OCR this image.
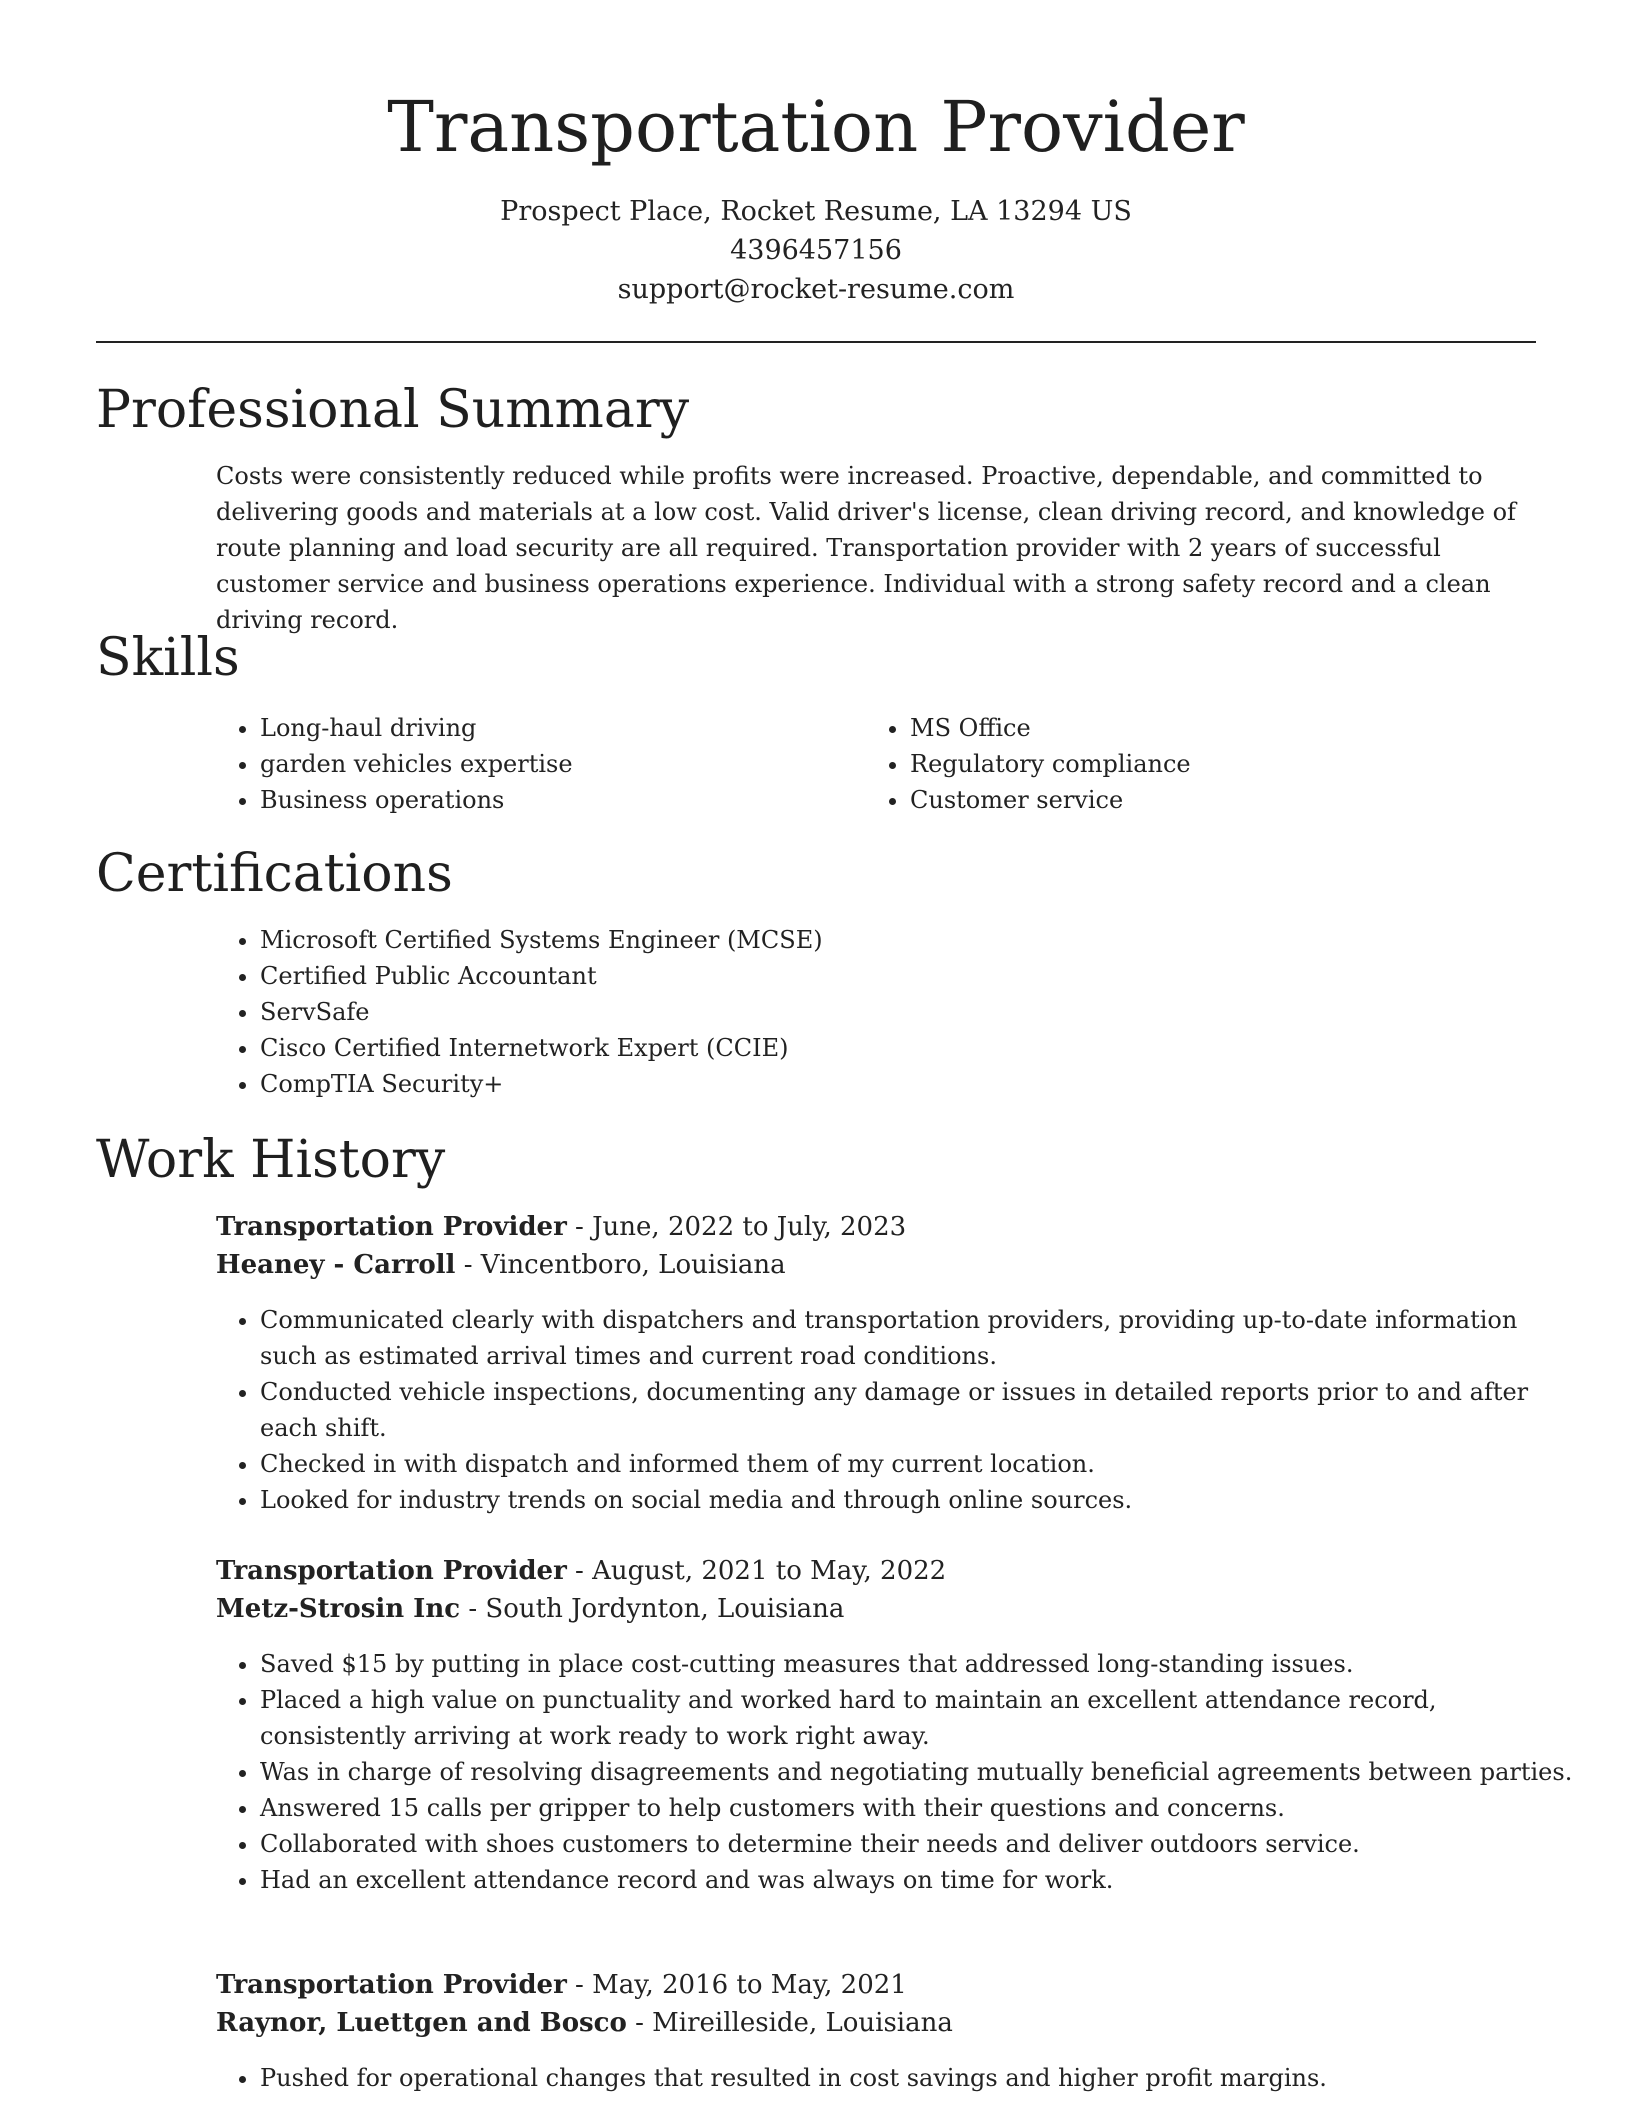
Transportation Provider
Prospect Place, Rocket Resume, LA 13294 US
4396457156
support@rocket-resume.com
Professional Summary

Costs were consistently reduced while profits were increased. Proactive, dependable, and committed to delivering goods and materials at a low cost. Valid driver's license, clean driving record, and knowledge of route planning and load security are all required. Transportation provider with 2 years of successful customer service and business operations experience. Individual with a strong safety record and a clean driving record.

Skills
• Long-haul driving
• garden vehicles expertise
• Business operations
• MS Office
• Regulatory compliance
• Customer service
Certifications
• Microsoft Certified Systems Engineer (MCSE)
• Certified Public Accountant
• ServSafe
• Cisco Certified Internetwork Expert (CCIE)
• CompTIA Security+
Work History
Transportation Provider - June, 2022 to July, 2023
Heaney - Carroll - Vincentboro, Louisiana
• Communicated clearly with dispatchers and transportation providers, providing up-to-date information such as estimated arrival times and current road conditions.
• Conducted vehicle inspections, documenting any damage or issues in detailed reports prior to and after each shift.
• Checked in with dispatch and informed them of my current location.
• Looked for industry trends on social media and through online sources.
Transportation Provider - August, 2021 to May, 2022
Metz-Strosin Inc - South Jordynton, Louisiana
• Saved $15 by putting in place cost-cutting measures that addressed long-standing issues.
• Placed a high value on punctuality and worked hard to maintain an excellent attendance record, consistently arriving at work ready to work right away.
• Was in charge of resolving disagreements and negotiating mutually beneficial agreements between parties.
• Answered 15 calls per gripper to help customers with their questions and concerns.
• Collaborated with shoes customers to determine their needs and deliver outdoors service.
• Had an excellent attendance record and was always on time for work.
Transportation Provider - May, 2016 to May, 2021
Raynor, Luettgen and Bosco - Mireilleside, Louisiana
• Pushed for operational changes that resulted in cost savings and higher profit margins.
